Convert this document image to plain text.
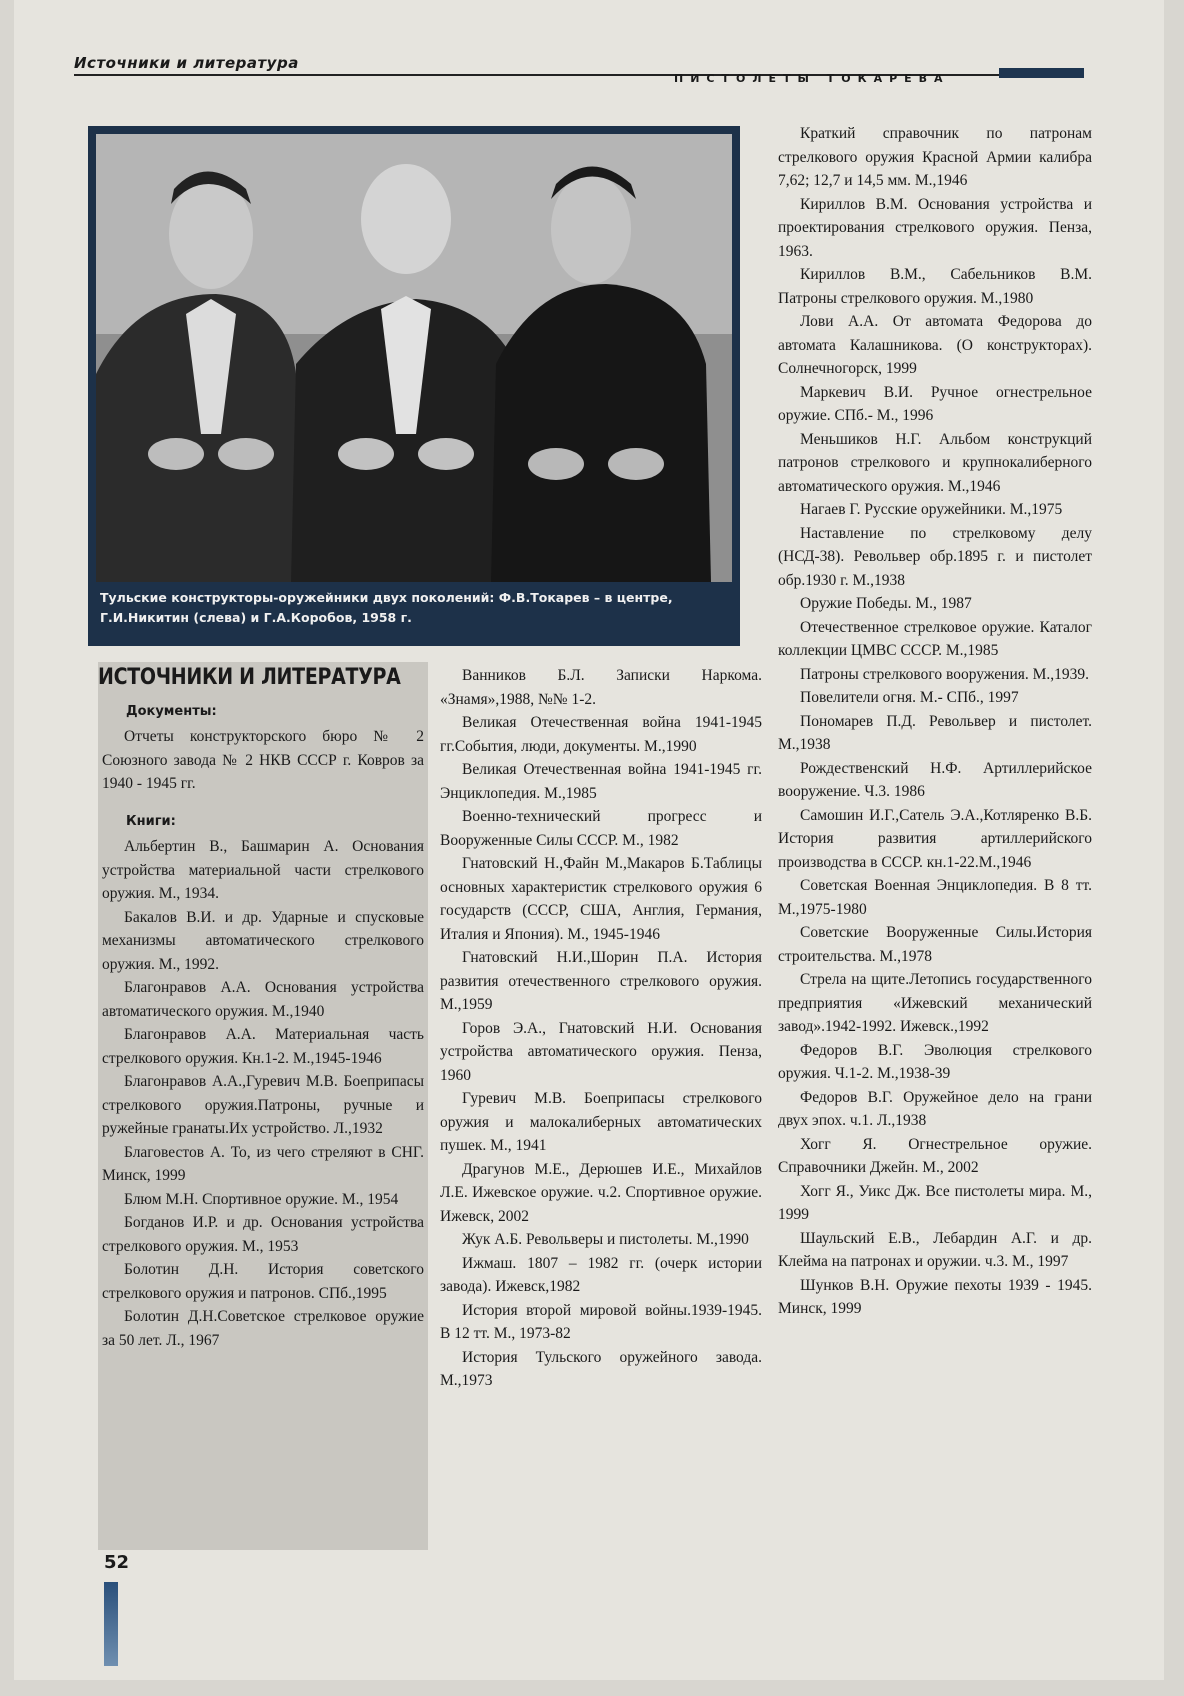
Источники и литература
ПИСТОЛЕТЫ ТОКАРЕВА
Тульские конструкторы-оружейники двух поколений: Ф.В.Токарев – в центре, Г.И.Никитин (слева) и Г.А.Коробов, 1958 г.
ИСТОЧНИКИ И ЛИТЕРАТУРА
Документы:

Отчеты конструкторского бюро № 2 Союзного завода № 2 НКВ СССР г. Ковров за 1940 - 1945 гг.

Книги:

Альбертин В., Башмарин А. Основания устройства материальной части стрелкового оружия. М., 1934.

Бакалов В.И. и др. Ударные и спусковые механизмы автоматического стрелкового оружия. М., 1992.

Благонравов А.А. Основания устройства автоматического оружия. М.,1940

Благонравов А.А. Материальная часть стрелкового оружия. Кн.1-2. М.,1945-1946

Благонравов А.А.,Гуревич М.В. Боеприпасы стрелкового оружия.Патроны, ручные и ружейные гранаты.Их устройство. Л.,1932

Благовестов А. То, из чего стреляют в СНГ. Минск, 1999

Блюм М.Н. Спортивное оружие. М., 1954

Богданов И.Р. и др. Основания устройства стрелкового оружия. М., 1953

Болотин Д.Н. История советского стрелкового оружия и патронов. СПб.,1995

Болотин Д.Н.Советское стрелковое оружие за 50 лет. Л., 1967

Ванников Б.Л. Записки Наркома. «Знамя»,1988, №№ 1-2.

Великая Отечественная война 1941-1945 гг.События, люди, документы. М.,1990

Великая Отечественная война 1941-1945 гг. Энциклопедия. М.,1985

Военно-технический прогресс и Вооруженные Силы СССР. М., 1982

Гнатовский Н.,Файн М.,Макаров Б.Таблицы основных характеристик стрелкового оружия 6 государств (СССР, США, Англия, Германия, Италия и Япония). М., 1945-1946

Гнатовский Н.И.,Шорин П.А. История развития отечественного стрелкового оружия. М.,1959

Горов Э.А., Гнатовский Н.И. Основания устройства автоматического оружия. Пенза, 1960

Гуревич М.В. Боеприпасы стрелкового оружия и малокалиберных автоматических пушек. М., 1941

Драгунов М.Е., Дерюшев И.Е., Михайлов Л.Е. Ижевское оружие. ч.2. Спортивное оружие. Ижевск, 2002

Жук А.Б. Револьверы и пистолеты. М.,1990

Ижмаш. 1807 – 1982 гг. (очерк истории завода). Ижевск,1982

История второй мировой войны.1939-1945. В 12 тт. М., 1973-82

История Тульского оружейного завода. М.,1973

Краткий справочник по патронам стрелкового оружия Красной Армии калибра 7,62; 12,7 и 14,5 мм. М.,1946

Кириллов В.М. Основания устройства и проектирования стрелкового оружия. Пенза, 1963.

Кириллов В.М., Сабельников В.М. Патроны стрелкового оружия. М.,1980

Лови А.А. От автомата Федорова до автомата Калашникова. (О конструкторах). Солнечногорск, 1999

Маркевич В.И. Ручное огнестрельное оружие. СПб.- М., 1996

Меньшиков Н.Г. Альбом конструкций патронов стрелкового и крупнокалиберного автоматического оружия. М.,1946

Нагаев Г. Русские оружейники. М.,1975

Наставление по стрелковому делу (НСД-38). Револьвер обр.1895 г. и пистолет обр.1930 г. М.,1938

Оружие Победы. М., 1987

Отечественное стрелковое оружие. Каталог коллекции ЦМВС СССР. М.,1985

Патроны стрелкового вооружения. М.,1939.

Повелители огня. М.- СПб., 1997

Пономарев П.Д. Револьвер и пистолет. М.,1938

Рождественский Н.Ф. Артиллерийское вооружение. Ч.3. 1986

Самошин И.Г.,Сатель Э.А.,Котляренко В.Б. История развития артиллерийского производства в СССР. кн.1-22.М.,1946

Советская Военная Энциклопедия. В 8 тт. М.,1975-1980

Советские Вооруженные Силы.История строительства. М.,1978

Стрела на щите.Летопись государственного предприятия «Ижевский механический завод».1942-1992. Ижевск.,1992

Федоров В.Г. Эволюция стрелкового оружия. Ч.1-2. М.,1938-39

Федоров В.Г. Оружейное дело на грани двух эпох. ч.1. Л.,1938

Хогг Я. Огнестрельное оружие. Справочники Джейн. М., 2002

Хогг Я., Уикс Дж. Все пистолеты мира. М., 1999

Шаульский Е.В., Лебардин А.Г. и др. Клейма на патронах и оружии. ч.3. М., 1997

Шунков В.Н. Оружие пехоты 1939 - 1945. Минск, 1999

52
